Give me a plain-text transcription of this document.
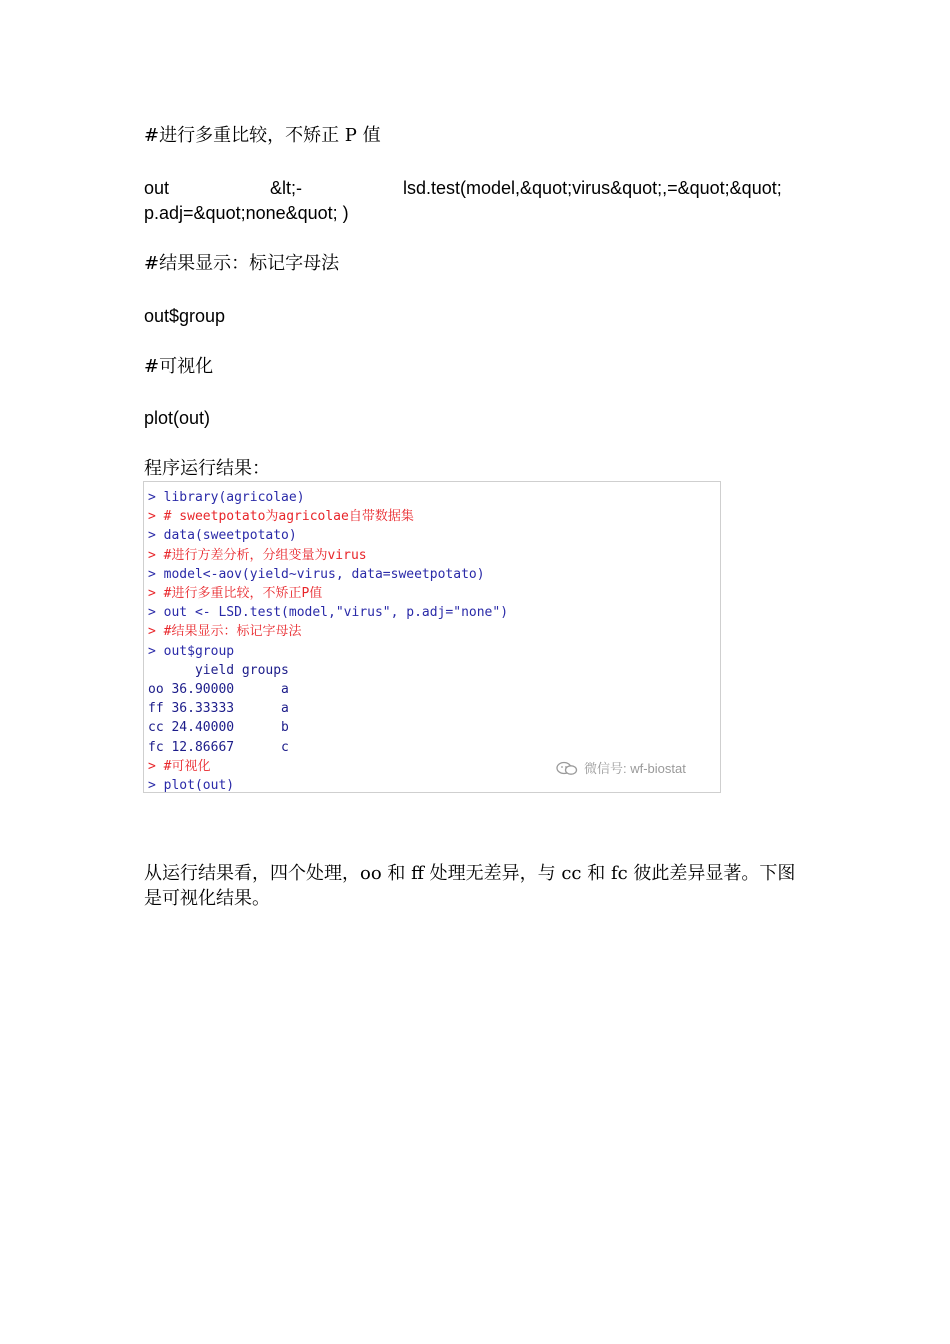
#进行多重比较，不矫正 P 值
out	&lt;-	lsd.test(model,&quot;virus&quot;,=&quot;&quot;
p.adj=&quot;none&quot; )
#结果显示：标记字母法
out$group
#可视化
plot(out)
程序运行结果：
> library(agricolae)
> # sweetpotato为agricolae自带数据集
> data(sweetpotato)
> #进行方差分析，分组变量为virus
> model<-aov(yield~virus, data=sweetpotato)
> #进行多重比较，不矫正P值
> out <- LSD.test(model,"virus", p.adj="none")
> #结果显示：标记字母法
> out$group
yield groups
oo 36.90000      a
ff 36.33333      a
cc 24.40000      b
fc 12.86667      c
> #可视化
> plot(out)
微信号: wf-biostat
从运行结果看，四个处理，oo 和 ff 处理无差异，与 cc 和 fc 彼此差异显著。下图是可视化结果。
